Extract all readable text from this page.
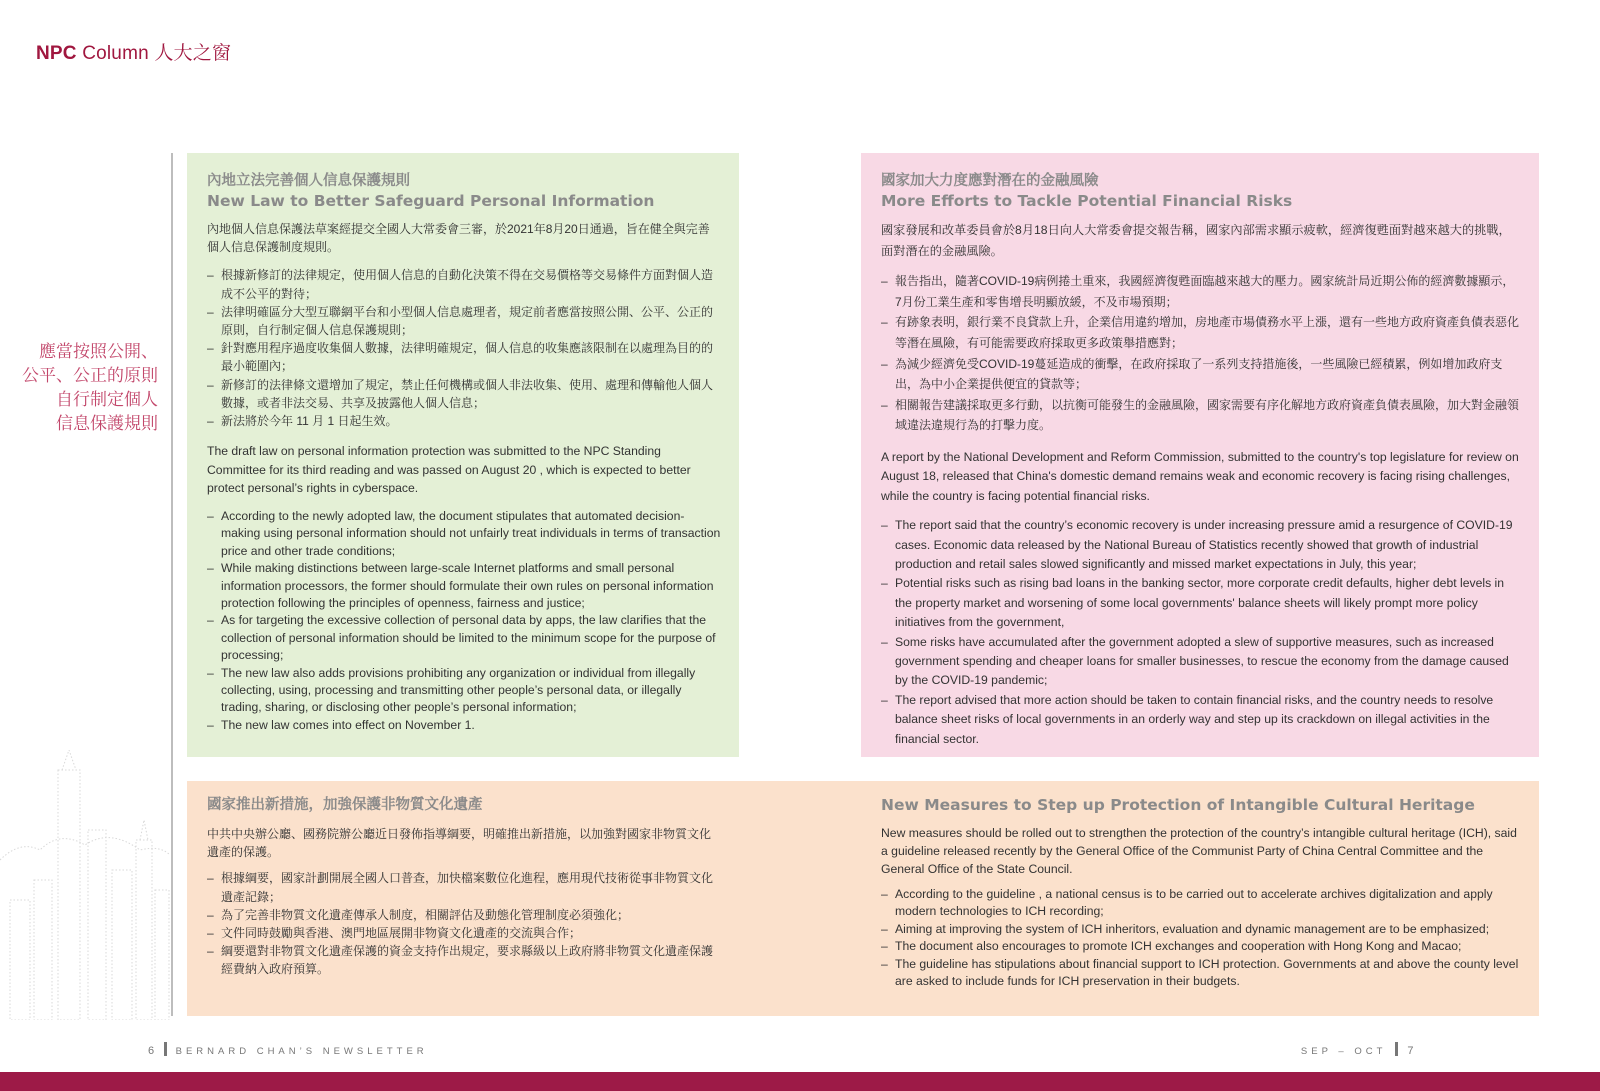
NPC Column 人大之窗
應當按照公開、
公平、公正的原則
自行制定個人
信息保護規則
內地立法完善個人信息保護規則
New Law to Better Safeguard Personal Information

內地個人信息保護法草案經提交全國人大常委會三審，於2021年8月20日通過，旨在健全與完善個人信息保護制度規則。

– 根據新修訂的法律規定，使用個人信息的自動化決策不得在交易價格等交易條件方面對個人造成不公平的對待；
– 法律明確區分大型互聯網平台和小型個人信息處理者，規定前者應當按照公開、公平、公正的原則，自行制定個人信息保護規則；
– 針對應用程序過度收集個人數據，法律明確規定，個人信息的收集應該限制在以處理為目的的最小範圍內；
– 新修訂的法律條文還增加了規定，禁止任何機構或個人非法收集、使用、處理和傳輸他人個人數據，或者非法交易、共享及披露他人個人信息；
– 新法將於今年 11 月 1 日起生效。

The draft law on personal information protection was submitted to the NPC Standing Committee for its third reading and was passed on August 20 , which is expected to better protect personal’s rights in cyberspace.

– According to the newly adopted law, the document stipulates that automated decision-making using personal information should not unfairly treat individuals in terms of transaction price and other trade conditions;
– While making distinctions between large-scale Internet platforms and small personal information processors, the former should formulate their own rules on personal information protection following the principles of openness, fairness and justice;
– As for targeting the excessive collection of personal data by apps, the law clarifies that the collection of personal information should be limited to the minimum scope for the purpose of processing;
– The new law also adds provisions prohibiting any organization or individual from illegally collecting, using, processing and transmitting other people’s personal data, or illegally trading, sharing, or disclosing other people’s personal information;
– The new law comes into effect on November 1.
國家加大力度應對潛在的金融風險
More Efforts to Tackle Potential Financial Risks

國家發展和改革委員會於8月18日向人大常委會提交報告稱，國家內部需求顯示疲軟，經濟復甦面對越來越大的挑戰，面對潛在的金融風險。

– 報告指出，隨著COVID-19病例捲土重來，我國經濟復甦面臨越來越大的壓力。國家統計局近期公佈的經濟數據顯示，7月份工業生產和零售增長明顯放緩，不及市場預期；
– 有跡象表明，銀行業不良貸款上升，企業信用違約增加，房地產市場債務水平上漲，還有一些地方政府資產負債表惡化等潛在風險，有可能需要政府採取更多政策舉措應對；
– 為減少經濟免受COVID-19蔓延造成的衝擊，在政府採取了一系列支持措施後，一些風險已經積累，例如增加政府支出，為中小企業提供便宜的貸款等；
– 相關報告建議採取更多行動，以抗衡可能發生的金融風險，國家需要有序化解地方政府資產負債表風險，加大對金融領域違法違規行為的打擊力度。

A report by the National Development and Reform Commission, submitted to the country's top legislature for review on August 18, released that China's domestic demand remains weak and economic recovery is facing rising challenges, while the country is facing potential financial risks.

– The report said that the country’s economic recovery is under increasing pressure amid a resurgence of COVID-19 cases. Economic data released by the National Bureau of Statistics recently showed that growth of industrial production and retail sales slowed significantly and missed market expectations in July, this year;
– Potential risks such as rising bad loans in the banking sector, more corporate credit defaults, higher debt levels in the property market and worsening of some local governments' balance sheets will likely prompt more policy initiatives from the government,
– Some risks have accumulated after the government adopted a slew of supportive measures, such as increased government spending and cheaper loans for smaller businesses, to rescue the economy from the damage caused by the COVID-19 pandemic;
– The report advised that more action should be taken to contain financial risks, and the country needs to resolve balance sheet risks of local governments in an orderly way and step up its crackdown on illegal activities in the financial sector.
國家推出新措施，加強保護非物質文化遺產

中共中央辦公廳、國務院辦公廳近日發佈指導綱要，明確推出新措施，以加強對國家非物質文化遺產的保護。

– 根據綱要，國家計劃開展全國人口普查，加快檔案數位化進程，應用現代技術從事非物質文化遺產記錄；
– 為了完善非物質文化遺產傳承人制度，相關評估及動態化管理制度必須強化；
– 文件同時鼓勵與香港、澳門地區展開非物資文化遺產的交流與合作；
– 綱要還對非物質文化遺產保護的資金支持作出規定，要求縣級以上政府將非物質文化遺產保護經費納入政府預算。
New Measures to Step up Protection of Intangible Cultural Heritage

New measures should be rolled out to strengthen the protection of the country’s intangible cultural heritage (ICH), said a guideline released recently by the General Office of the Communist Party of China Central Committee and the General Office of the State Council.

– According to the guideline , a national census is to be carried out to accelerate archives digitalization and apply modern technologies to ICH recording;
– Aiming at improving the system of ICH inheritors, evaluation and dynamic management are to be emphasized;
– The document also encourages to promote ICH exchanges and cooperation with Hong Kong and Macao;
– The guideline has stipulations about financial support to ICH protection. Governments at and above the county level are asked to include funds for ICH preservation in their budgets.
6 BERNARD CHAN’S NEWSLETTER	SEP – OCT 7
